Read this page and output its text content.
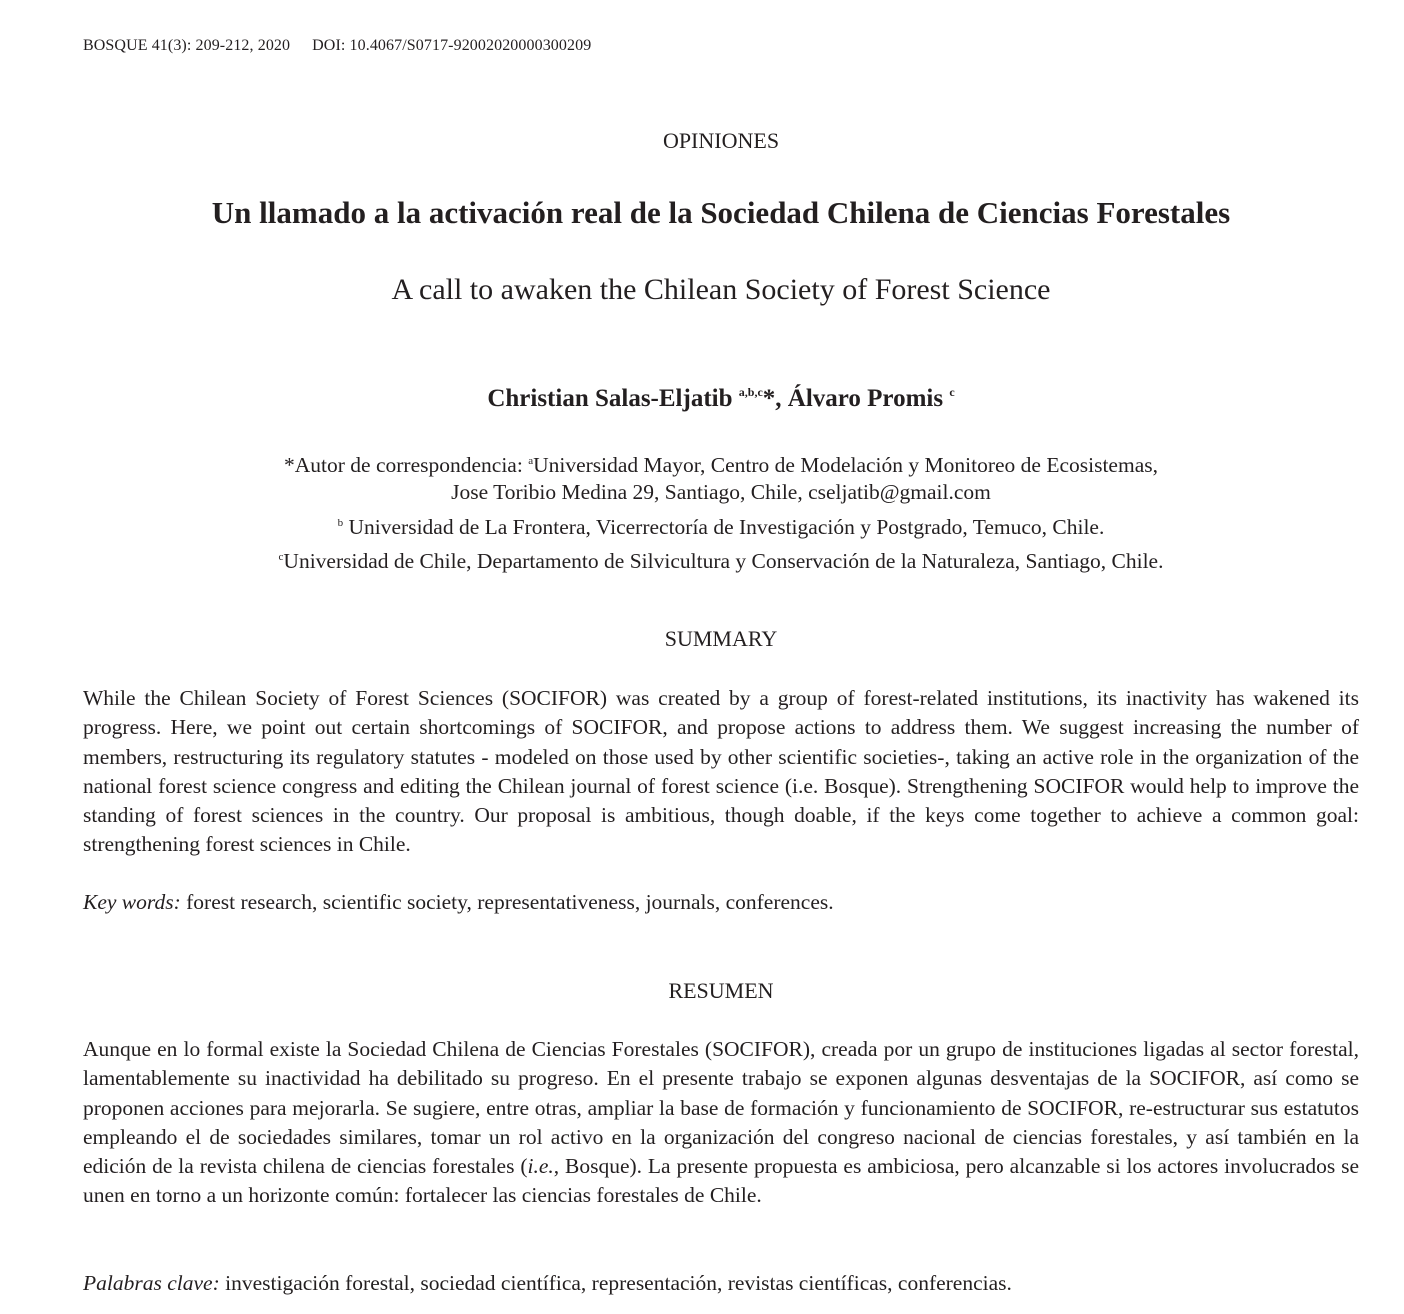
BOSQUE 41(3): 209-212, 2020 DOI: 10.4067/S0717-92002020000300209
OPINIONES
Un llamado a la activación real de la Sociedad Chilena de Ciencias Forestales
A call to awaken the Chilean Society of Forest Science
Christian Salas-Eljatib $^{a,b,c}$*, Álvaro Promis $^c$
*Autor de correspondencia: $^a$Universidad Mayor, Centro de Modelación y Monitoreo de Ecosistemas,
Jose Toribio Medina 29, Santiago, Chile, cseljatib@gmail.com
$^b$ Universidad de La Frontera, Vicerrectoría de Investigación y Postgrado, Temuco, Chile.
$^c$Universidad de Chile, Departamento de Silvicultura y Conservación de la Naturaleza, Santiago, Chile.
SUMMARY
While the Chilean Society of Forest Sciences (SOCIFOR) was created by a group of forest-related institutions, its inactivity has wakened its progress. Here, we point out certain shortcomings of SOCIFOR, and propose actions to address them. We suggest increasing the number of members, restructuring its regulatory statutes - modeled on those used by other scientific societies-, taking an active role in the organization of the national forest science congress and editing the Chilean journal of forest science (i.e. Bosque). Strengthening SOCIFOR would help to improve the standing of forest sciences in the country. Our proposal is ambitious, though doable, if the keys come together to achieve a common goal: strengthening forest sciences in Chile.
Key words: forest research, scientific society, representativeness, journals, conferences.
RESUMEN
Aunque en lo formal existe la Sociedad Chilena de Ciencias Forestales (SOCIFOR), creada por un grupo de instituciones ligadas al sector forestal, lamentablemente su inactividad ha debilitado su progreso. En el presente trabajo se exponen algunas desventajas de la SOCIFOR, así como se proponen acciones para mejorarla. Se sugiere, entre otras, ampliar la base de formación y funcionamiento de SOCIFOR, re-estructurar sus estatutos empleando el de sociedades similares, tomar un rol activo en la organización del congreso nacional de ciencias forestales, y así también en la edición de la revista chilena de ciencias forestales (i.e., Bosque). La presente propuesta es ambiciosa, pero alcanzable si los actores involucrados se unen en torno a un horizonte común: fortalecer las ciencias forestales de Chile.
Palabras clave: investigación forestal, sociedad científica, representación, revistas científicas, conferencias.
